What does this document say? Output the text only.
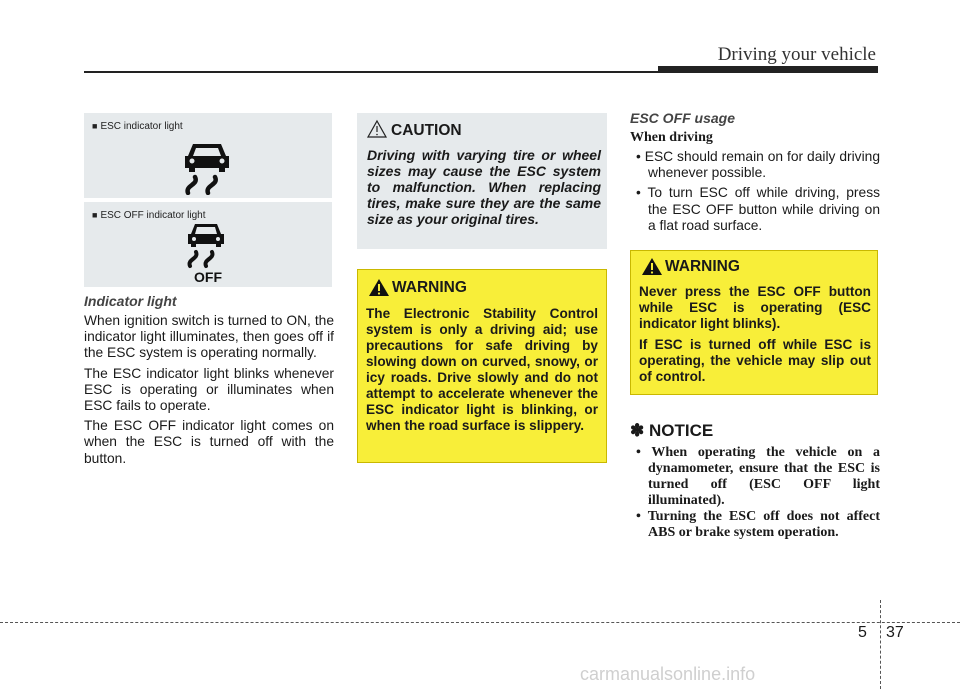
Driving your vehicle
■ ESC indicator light
■ ESC OFF indicator light
OFF

Indicator light

When ignition switch is turned to ON, the indicator light illuminates, then goes off if the ESC system is operating normally.

The ESC indicator light blinks whenever ESC is operating or illuminates when ESC fails to operate.

The ESC OFF indicator light comes on when the ESC is turned off with the button.

CAUTION
Driving with varying tire or wheel sizes may cause the ESC system to malfunction. When replacing tires, make sure they are the same size as your original tires.
WARNING
The Electronic Stability Control system is only a driving aid; use precautions for safe driving by slowing down on curved, snowy, or icy roads. Drive slowly and do not attempt to accelerate whenever the ESC indicator light is blinking, or when the road surface is slippery.

ESC OFF usage

When driving

• ESC should remain on for daily driving whenever possible.

• To turn ESC off while driving, press the ESC OFF button while driving on a flat road surface.

WARNING
Never press the ESC OFF button while ESC is operating (ESC indicator light blinks).
If ESC is turned off while ESC is operating, the vehicle may slip out of control.

✽ NOTICE

• When operating the vehicle on a dynamometer, ensure that the ESC is turned off (ESC OFF light illuminated).

• Turning the ESC off does not affect ABS or brake system operation.

5 37
carmanualsonline.info
